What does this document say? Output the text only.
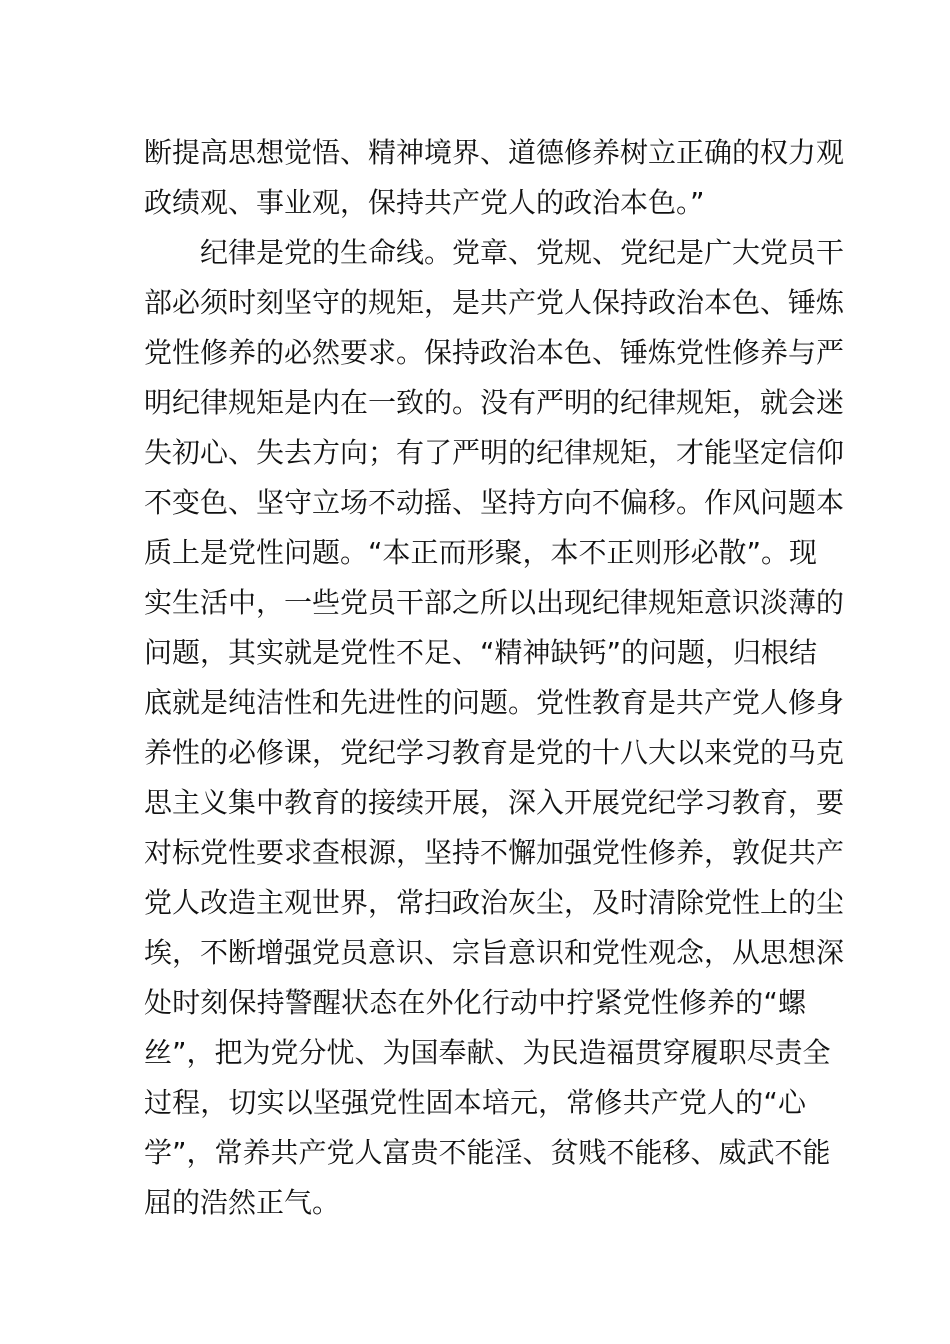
断提高思想觉悟、精神境界、道德修养树立正确的权力观
政绩观、事业观，保持共产党人的政治本色。”
纪律是党的生命线。党章、党规、党纪是广大党员干
部必须时刻坚守的规矩，是共产党人保持政治本色、锤炼
党性修养的必然要求。保持政治本色、锤炼党性修养与严
明纪律规矩是内在一致的。没有严明的纪律规矩，就会迷
失初心、失去方向；有了严明的纪律规矩，才能坚定信仰
不变色、坚守立场不动摇、坚持方向不偏移。作风问题本
质上是党性问题。“本正而形聚，本不正则形必散”。现
实生活中，一些党员干部之所以出现纪律规矩意识淡薄的
问题，其实就是党性不足、“精神缺钙”的问题，归根结
底就是纯洁性和先进性的问题。党性教育是共产党人修身
养性的必修课，党纪学习教育是党的十八大以来党的马克
思主义集中教育的接续开展，深入开展党纪学习教育，要
对标党性要求查根源，坚持不懈加强党性修养，敦促共产
党人改造主观世界，常扫政治灰尘，及时清除党性上的尘
埃，不断增强党员意识、宗旨意识和党性观念，从思想深
处时刻保持警醒状态在外化行动中拧紧党性修养的“螺
丝”，把为党分忧、为国奉献、为民造福贯穿履职尽责全
过程，切实以坚强党性固本培元，常修共产党人的“心
学”，常养共产党人富贵不能淫、贫贱不能移、威武不能
屈的浩然正气。
